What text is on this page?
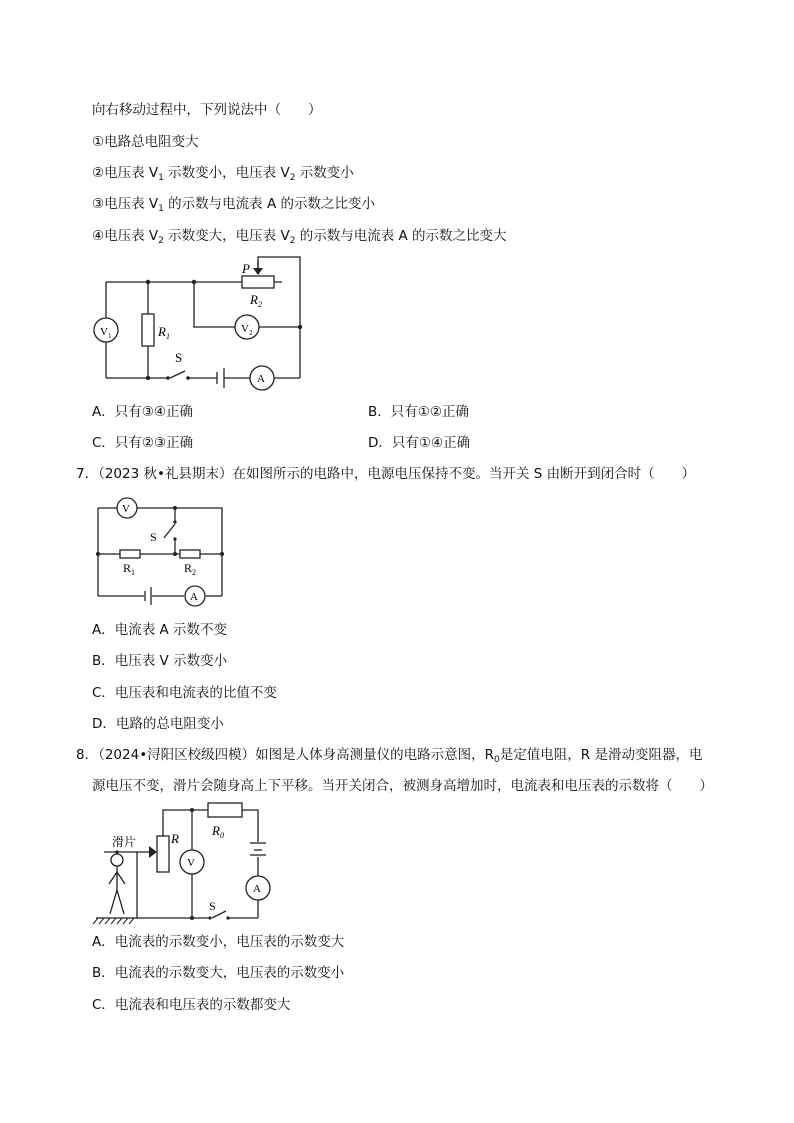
向右移动过程中，下列说法中（　　）
①电路总电阻变大
②电压表 $V_1$ 示数变小，电压表 $V_2$ 示数变小
③电压表 $V_1$ 的示数与电流表 A 的示数之比变小
④电压表 $V_2$ 示数变大，电压表 $V_2$ 的示数与电流表 A 的示数之比变大
P
$R_2$
$R_1$
$V_1$
$V_2$
S
A
A．只有③④正确	B．只有①②正确
C．只有②③正确	D．只有①④正确
7．（2023 秋•礼县期末）在如图所示的电路中，电源电压保持不变。当开关 S 由断开到闭合时（　　）
V
S
$R_1$	$R_2$
A
A．电流表 A 示数不变
B．电压表 V 示数变小
C．电压表和电流表的比值不变
D．电路的总电阻变小
8．（2024•浔阳区校级四模）如图是人体身高测量仪的电路示意图，$R_0$是定值电阻，R 是滑动变阻器，电
源电压不变，滑片会随身高上下平移。当开关闭合，被测身高增加时，电流表和电压表的示数将（　　）
滑片	R
$R_0$
V
A
S
A．电流表的示数变小，电压表的示数变大
B．电流表的示数变大，电压表的示数变小
C．电流表和电压表的示数都变大
